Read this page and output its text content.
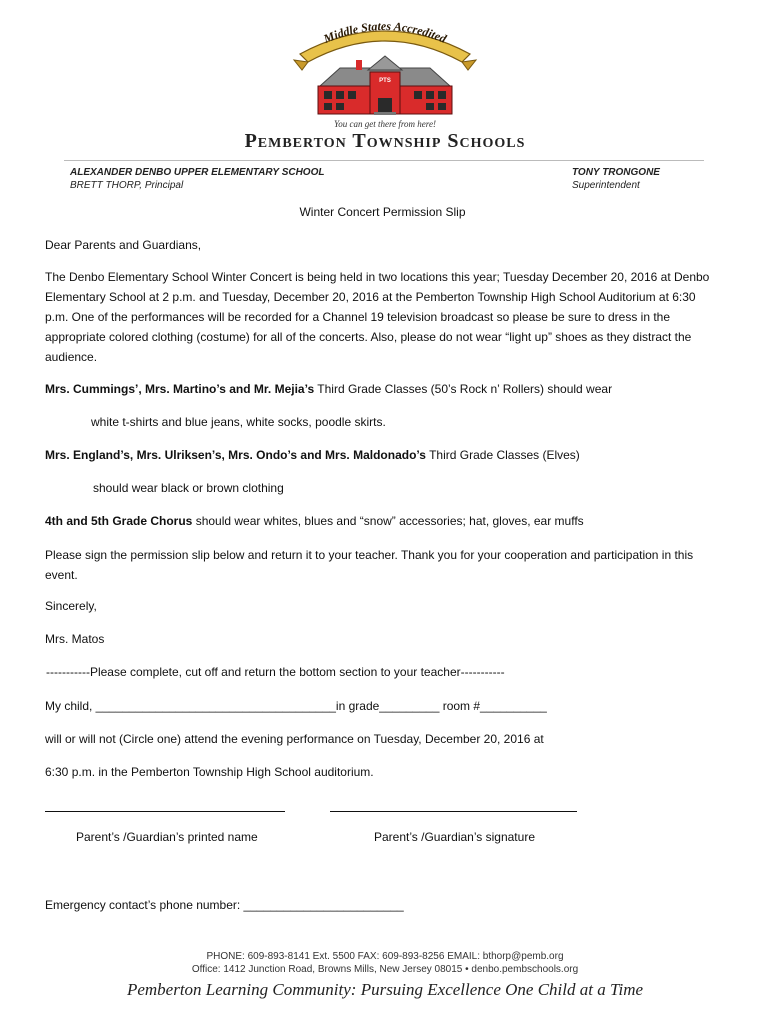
Middle States Accredited
PTS
You can get there from here!
Pemberton Township Schools
ALEXANDER DENBO UPPER ELEMENTARY SCHOOL
BRETT THORP, Principal
TONY TRONGONE
Superintendent
Winter Concert Permission Slip
Dear Parents and Guardians,
The Denbo Elementary School Winter Concert is being held in two locations this year; Tuesday December 20, 2016 at Denbo Elementary School at 2 p.m. and Tuesday, December 20, 2016 at the Pemberton Township High School Auditorium at 6:30 p.m. One of the performances will be recorded for a Channel 19 television broadcast so please be sure to dress in the appropriate colored clothing (costume) for all of the concerts. Also, please do not wear “light up” shoes as they distract the audience.
Mrs. Cummings’, Mrs. Martino’s and Mr. Mejia’s Third Grade Classes (50’s Rock n’ Rollers) should wear
white t-shirts and blue jeans, white socks, poodle skirts.
Mrs. England’s, Mrs. Ulriksen’s, Mrs. Ondo’s and Mrs. Maldonado’s Third Grade Classes (Elves)
should wear black or brown clothing
4th and 5th Grade Chorus should wear whites, blues and “snow” accessories; hat, gloves, ear muffs
Please sign the permission slip below and return it to your teacher. Thank you for your cooperation and participation in this event.
Sincerely,
Mrs. Matos
-----------Please complete, cut off and return the bottom section to your teacher-----------
My child, ____________________________________in grade_________ room #__________
will or will not (Circle one) attend the evening performance on Tuesday, December 20, 2016 at
6:30 p.m. in the Pemberton Township High School auditorium.
Parent’s /Guardian’s printed name	Parent’s /Guardian’s signature
Emergency contact’s phone number: ________________________
PHONE: 609-893-8141 Ext. 5500 FAX: 609-893-8256 EMAIL: bthorp@pemb.org
Office: 1412 Junction Road, Browns Mills, New Jersey 08015 • denbo.pembschools.org
Pemberton Learning Community: Pursuing Excellence One Child at a Time
